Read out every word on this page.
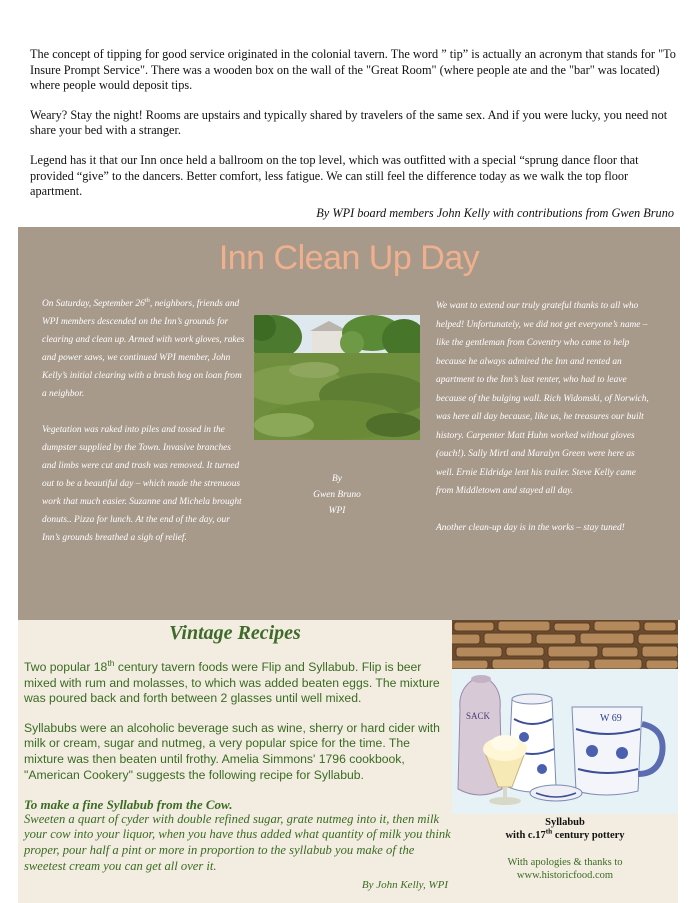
The concept of tipping for good service originated in the colonial tavern. The word ” tip” is actually an acronym that stands for "To Insure Prompt Service". There was a wooden box on the wall of the "Great Room" (where people ate and the "bar" was located) where people would deposit tips.

Weary? Stay the night! Rooms are upstairs and typically shared by travelers of the same sex. And if you were lucky, you need not share your bed with a stranger.

Legend has it that our Inn once held a ballroom on the top level, which was outfitted with a special “sprung dance floor that provided “give” to the dancers. Better comfort, less fatigue. We can still feel the difference today as we walk the top floor apartment.

By WPI board members John Kelly with contributions from Gwen Bruno
Inn Clean Up Day

On Saturday, September 26th, neighbors, friends and WPI members descended on the Inn’s grounds for clearing and clean up. Armed with work gloves, rakes and power saws, we continued WPI member, John Kelly’s initial clearing with a brush hog on loan from a neighbor.

Vegetation was raked into piles and tossed in the dumpster supplied by the Town. Invasive branches and limbs were cut and trash was removed. It turned out to be a beautiful day – which made the strenuous work that much easier. Suzanne and Michela brought donuts.. Pizza for lunch. At the end of the day, our Inn’s grounds breathed a sigh of relief.

By
Gwen Bruno
WPI

We want to extend our truly grateful thanks to all who helped! Unfortunately, we did not get everyone’s name – like the gentleman from Coventry who came to help because he always admired the Inn and rented an apartment to the Inn’s last renter, who had to leave because of the bulging wall. Rich Widomski, of Norwich, was here all day because, like us, he treasures our built history. Carpenter Matt Huhn worked without gloves (ouch!). Sally Mirtl and Maralyn Green were here as well. Ernie Eldridge lent his trailer. Steve Kelly came from Middletown and stayed all day.

Another clean-up day is in the works – stay tuned!

Vintage Recipes

Two popular 18th century tavern foods were Flip and Syllabub. Flip is beer mixed with rum and molasses, to which was added beaten eggs. The mixture was poured back and forth between 2 glasses until well mixed.

Syllabubs were an alcoholic beverage such as wine, sherry or hard cider with milk or cream, sugar and nutmeg, a very popular spice for the time. The mixture was then beaten until frothy. Amelia Simmons' 1796 cookbook, "American Cookery" suggests the following recipe for Syllabub.

To make a fine Syllabub from the Cow.
Sweeten a quart of cyder with double refined sugar, grate nutmeg into it, then milk your cow into your liquor, when you have thus added what quantity of milk you think proper, pour half a pint or more in proportion to the syllabub you make of the sweetest cream you can get all over it.
By John Kelly, WPI
SACK	W 69
Syllabub
with c.17th century pottery
With apologies & thanks to
www.historicfood.com
